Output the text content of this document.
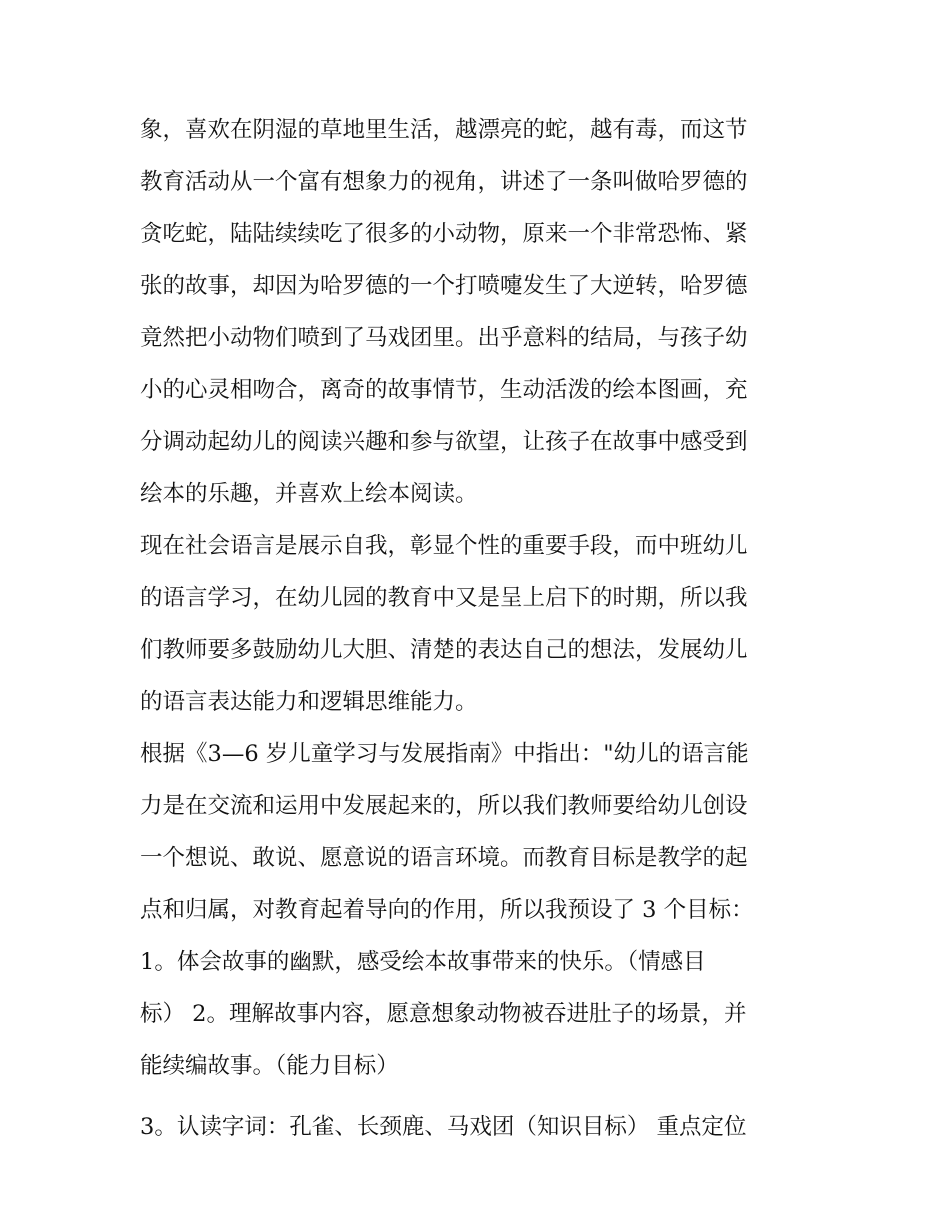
象，喜欢在阴湿的草地里生活，越漂亮的蛇，越有毒，而这节
教育活动从一个富有想象力的视角，讲述了一条叫做哈罗德的
贪吃蛇，陆陆续续吃了很多的小动物，原来一个非常恐怖、紧
张的故事，却因为哈罗德的一个打喷嚏发生了大逆转，哈罗德
竟然把小动物们喷到了马戏团里。出乎意料的结局，与孩子幼
小的心灵相吻合，离奇的故事情节，生动活泼的绘本图画，充
分调动起幼儿的阅读兴趣和参与欲望，让孩子在故事中感受到
绘本的乐趣，并喜欢上绘本阅读。
现在社会语言是展示自我，彰显个性的重要手段，而中班幼儿
的语言学习，在幼儿园的教育中又是呈上启下的时期，所以我
们教师要多鼓励幼儿大胆、清楚的表达自己的想法，发展幼儿
的语言表达能力和逻辑思维能力。
根据《3—6 岁儿童学习与发展指南》中指出："幼儿的语言能
力是在交流和运用中发展起来的，所以我们教师要给幼儿创设
一个想说、敢说、愿意说的语言环境。而教育目标是教学的起
点和归属，对教育起着导向的作用，所以我预设了 3 个目标：
1。体会故事的幽默，感受绘本故事带来的快乐。（情感目
标） 2。理解故事内容，愿意想象动物被吞进肚子的场景，并
能续编故事。（能力目标）
3。认读字词：孔雀、长颈鹿、马戏团（知识目标） 重点定位
